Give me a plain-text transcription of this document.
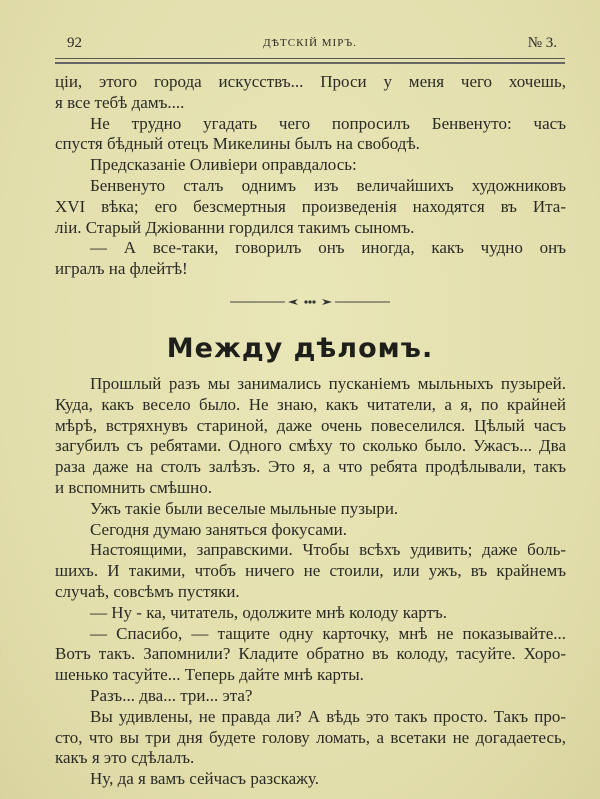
92	ДѢТСКІЙ МІРЪ.	№ 3.
ціи, этого города искусствъ... Проси у меня чего хочешь,
я все тебѣ дамъ....
Не трудно угадать чего попросилъ Бенвенуто: часъ
спустя бѣдный отецъ Микелины былъ на свободѣ.
Предсказаніе Оливіери оправдалось:
Бенвенуто сталъ однимъ изъ величайшихъ художниковъ
XVI вѣка; его безсмертныя произведенія находятся въ Ита-
ліи. Старый Джіованни гордился такимъ сыномъ.
— А все-таки, говорилъ онъ иногда, какъ чудно онъ
игралъ на флейтѣ!
Между дѣломъ.
Прошлый разъ мы занимались пусканіемъ мыльныхъ пузырей.
Куда, какъ весело было. Не знаю, какъ читатели, а я, по крайней
мѣрѣ, встряхнувъ стариной, даже очень повеселился. Цѣлый часъ
загубилъ съ ребятами. Одного смѣху то сколько было. Ужасъ... Два
раза даже на столъ залѣзъ. Это я, а что ребята продѣлывали, такъ
и вспомнить смѣшно.
Ужъ такіе были веселые мыльные пузыри.
Сегодня думаю заняться фокусами.
Настоящими, заправскими. Чтобы всѣхъ удивить; даже боль-
шихъ. И такими, чтобъ ничего не стоили, или ужъ, въ крайнемъ
случаѣ, совсѣмъ пустяки.
— Ну - ка, читатель, одолжите мнѣ колоду картъ.
— Спасибо, — тащите одну карточку, мнѣ не показывайте...
Вотъ такъ. Запомнили? Кладите обратно въ колоду, тасуйте. Хоро-
шенько тасуйте... Теперь дайте мнѣ карты.
Разъ... два... три... эта?
Вы удивлены, не правда ли? А вѣдь это такъ просто. Такъ про-
сто, что вы три дня будете голову ломать, а всетаки не догадаетесь,
какъ я это сдѣлалъ.
Ну, да я вамъ сейчасъ разскажу.
